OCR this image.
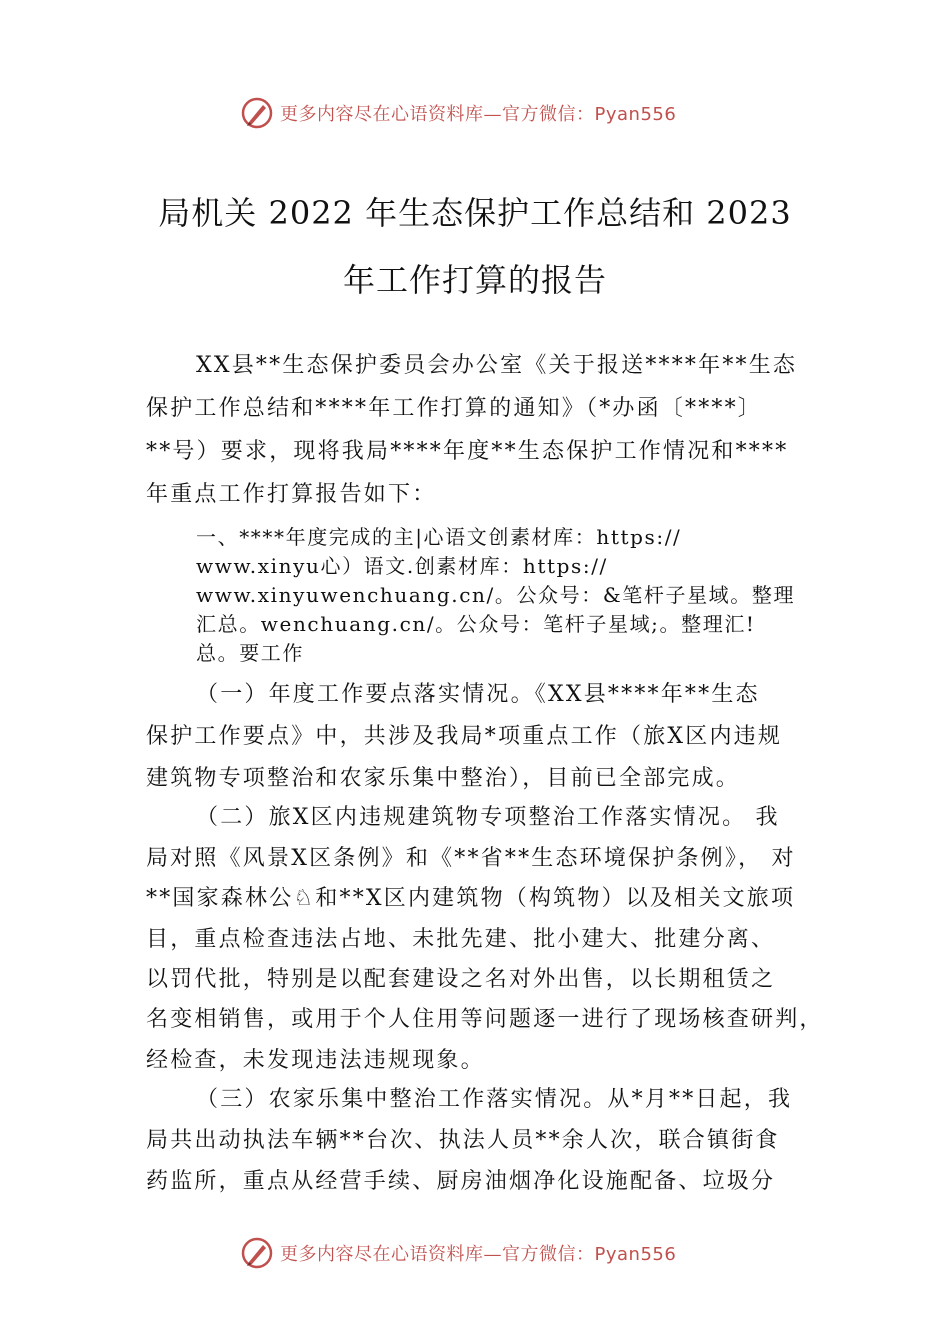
更多内容尽在心语资料库—官方微信：Pyan556
局机关 2022 年生态保护工作总结和 2023
年工作打算的报告
XX县**生态保护委员会办公室《关于报送****年**生态
保护工作总结和****年工作打算的通知》（*办函〔****〕
**号）要求，现将我局****年度**生态保护工作情况和****
年重点工作打算报告如下：
一、****年度完成的主|心语文创素材库：https://
www.xinyu心）语文.创素材库：https://
www.xinyuwenchuang.cn/。公众号：&笔杆子星域。整理
汇总。wenchuang.cn/。公众号：笔杆子星域;。整理汇!
总。要工作
（一）年度工作要点落实情况。《XX县****年**生态
保护工作要点》中，共涉及我局*项重点工作（旅X区内违规
建筑物专项整治和农家乐集中整治），目前已全部完成。
（二）旅X区内违规建筑物专项整治工作落实情况。 我
局对照《风景X区条例》和《**省**生态环境保护条例》， 对
**国家森林公♘和**X区内建筑物（构筑物）以及相关文旅项
目，重点检查违法占地、未批先建、批小建大、批建分离、
以罚代批，特别是以配套建设之名对外出售，以长期租赁之
名变相销售，或用于个人住用等问题逐一进行了现场核查研判，
经检查，未发现违法违规现象。
（三）农家乐集中整治工作落实情况。从*月**日起，我
局共出动执法车辆**台次、执法人员**余人次，联合镇街食
药监所，重点从经营手续、厨房油烟净化设施配备、垃圾分
更多内容尽在心语资料库—官方微信：Pyan556
